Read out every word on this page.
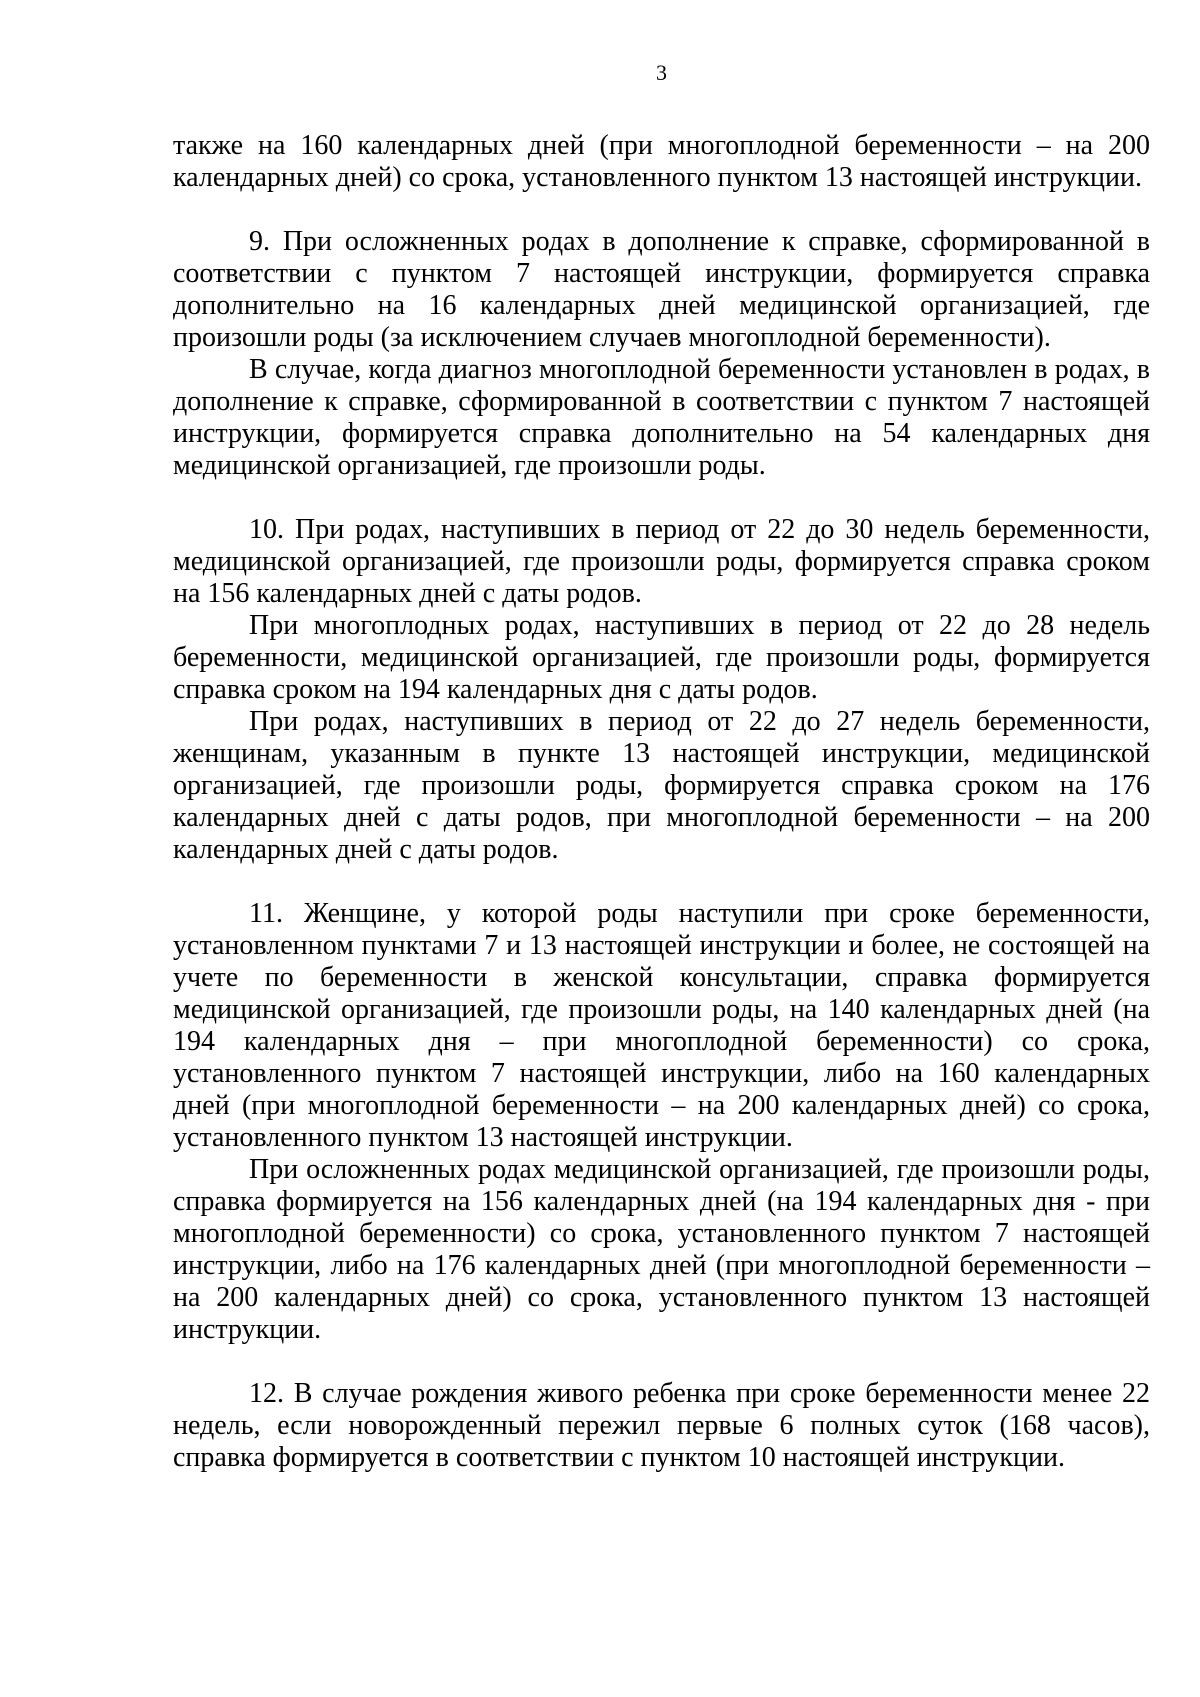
3

также на 160 календарных дней (при многоплодной беременности – на 200 календарных дней) со срока, установленного пунктом 13 настоящей инструкции.

9. При осложненных родах в дополнение к справке, сформированной в соответствии с пунктом 7 настоящей инструкции, формируется справка дополнительно на 16 календарных дней медицинской организацией, где произошли роды (за исключением случаев многоплодной беременности).

В случае, когда диагноз многоплодной беременности установлен в родах, в дополнение к справке, сформированной в соответствии с пунктом 7 настоящей инструкции, формируется справка дополнительно на 54 календарных дня медицинской организацией, где произошли роды.

10. При родах, наступивших в период от 22 до 30 недель беременности, медицинской организацией, где произошли роды, формируется справка сроком на 156 календарных дней с даты родов.

При многоплодных родах, наступивших в период от 22 до 28 недель беременности, медицинской организацией, где произошли роды, формируется справка сроком на 194 календарных дня с даты родов.

При родах, наступивших в период от 22 до 27 недель беременности, женщинам, указанным в пункте 13 настоящей инструкции, медицинской организацией, где произошли роды, формируется справка сроком на 176 календарных дней с даты родов, при многоплодной беременности – на 200 календарных дней с даты родов.

11. Женщине, у которой роды наступили при сроке беременности, установленном пунктами 7 и 13 настоящей инструкции и более, не состоящей на учете по беременности в женской консультации, справка формируется медицинской организацией, где произошли роды, на 140 календарных дней (на 194 календарных дня – при многоплодной беременности) со срока, установленного пунктом 7 настоящей инструкции, либо на 160 календарных дней (при многоплодной беременности – на 200 календарных дней) со срока, установленного пунктом 13 настоящей инструкции.

При осложненных родах медицинской организацией, где произошли роды, справка формируется на 156 календарных дней (на 194 календарных дня - при многоплодной беременности) со срока, установленного пунктом 7 настоящей инструкции, либо на 176 календарных дней (при многоплодной беременности – на 200 календарных дней) со срока, установленного пунктом 13 настоящей инструкции.

12. В случае рождения живого ребенка при сроке беременности менее 22 недель, если новорожденный пережил первые 6 полных суток (168 часов), справка формируется в соответствии с пунктом 10 настоящей инструкции.
